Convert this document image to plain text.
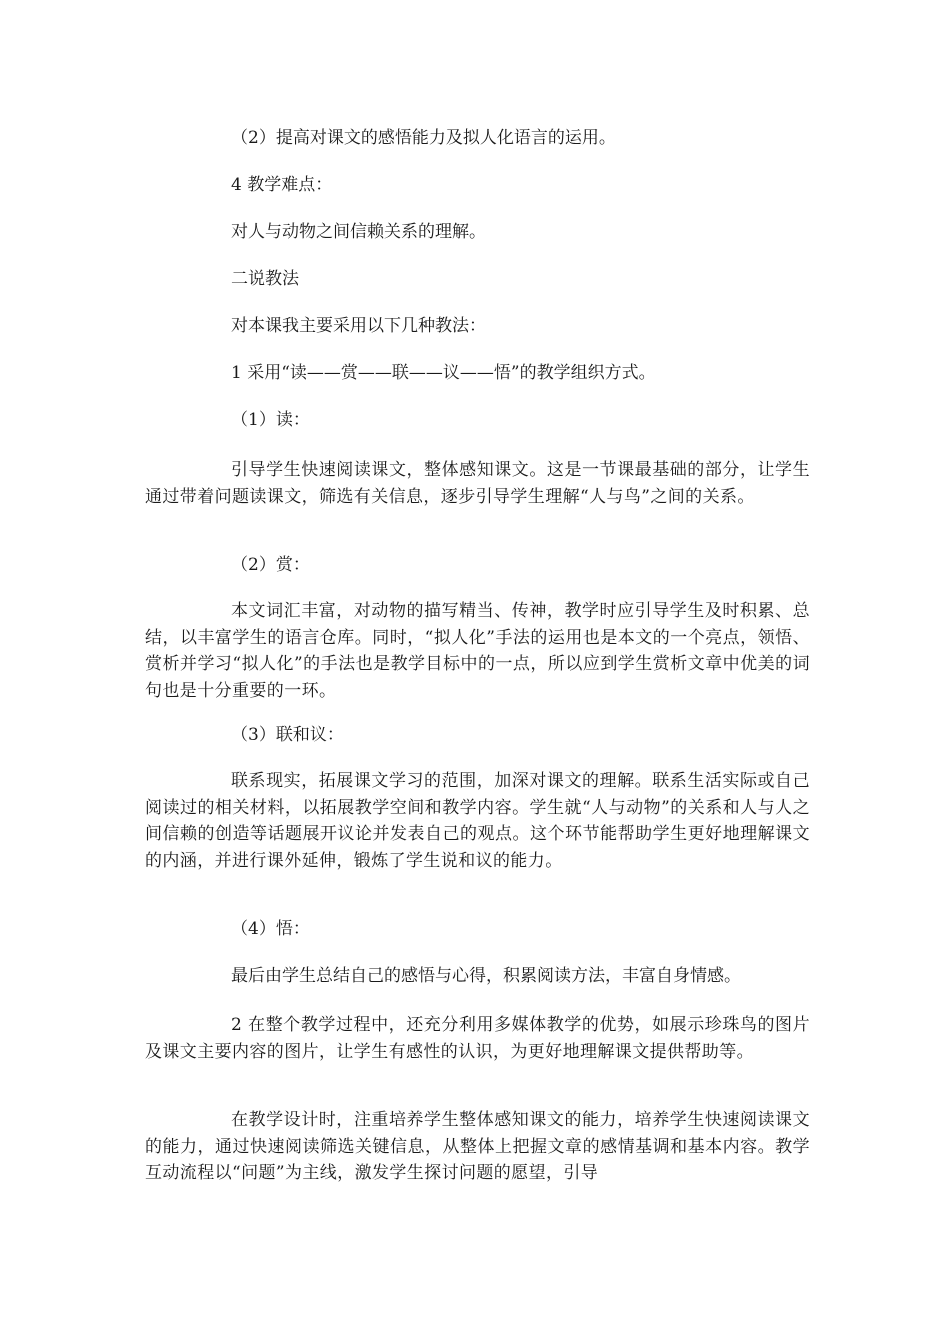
（2）提高对课文的感悟能力及拟人化语言的运用。
4 教学难点：
对人与动物之间信赖关系的理解。
二说教法
对本课我主要采用以下几种教法：
1 采用“读——赏——联——议——悟”的教学组织方式。
（1）读：
引导学生快速阅读课文，整体感知课文。这是一节课最基础的部分，让学生通过带着问题读课文，筛选有关信息，逐步引导学生理解“人与鸟”之间的关系。
（2）赏：
本文词汇丰富，对动物的描写精当、传神，教学时应引导学生及时积累、总结，以丰富学生的语言仓库。同时，“拟人化”手法的运用也是本文的一个亮点，领悟、赏析并学习“拟人化”的手法也是教学目标中的一点，所以应到学生赏析文章中优美的词句也是十分重要的一环。
（3）联和议：
联系现实，拓展课文学习的范围，加深对课文的理解。联系生活实际或自己阅读过的相关材料，以拓展教学空间和教学内容。学生就“人与动物”的关系和人与人之间信赖的创造等话题展开议论并发表自己的观点。这个环节能帮助学生更好地理解课文的内涵，并进行课外延伸，锻炼了学生说和议的能力。
（4）悟：
最后由学生总结自己的感悟与心得，积累阅读方法，丰富自身情感。
2 在整个教学过程中，还充分利用多媒体教学的优势，如展示珍珠鸟的图片及课文主要内容的图片，让学生有感性的认识，为更好地理解课文提供帮助等。
在教学设计时，注重培养学生整体感知课文的能力，培养学生快速阅读课文的能力，通过快速阅读筛选关键信息，从整体上把握文章的感情基调和基本内容。教学互动流程以“问题”为主线，激发学生探讨问题的愿望，引导
